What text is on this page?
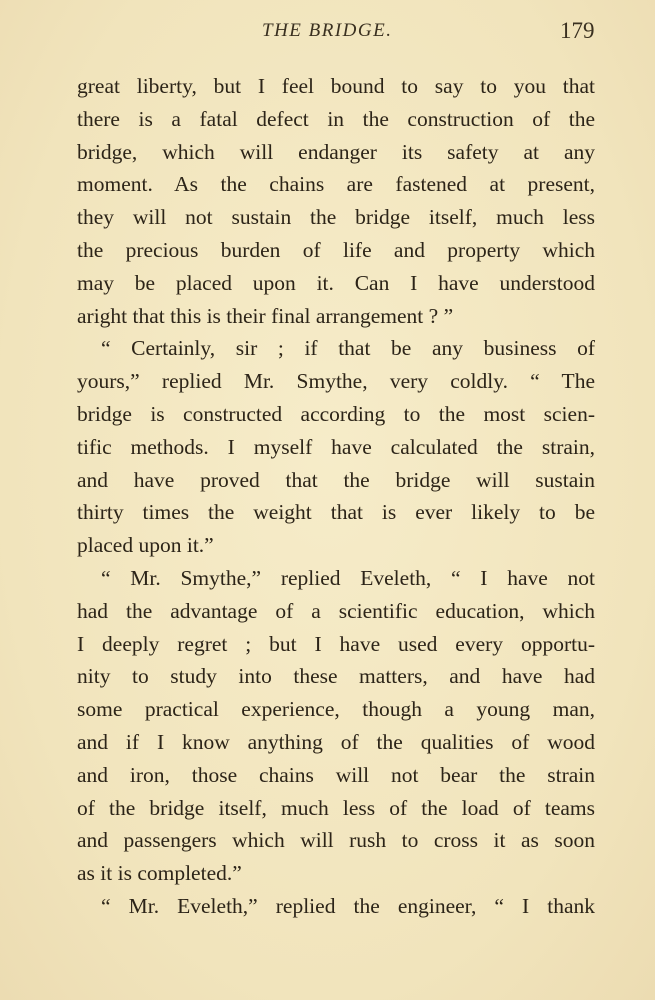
THE BRIDGE.	179
great liberty, but I feel bound to say to you that
there is a fatal defect in the construction of the
bridge, which will endanger its safety at any
moment. As the chains are fastened at present,
they will not sustain the bridge itself, much less
the precious burden of life and property which
may be placed upon it. Can I have understood
aright that this is their final arrangement ? ”
“ Certainly, sir ; if that be any business of
yours,” replied Mr. Smythe, very coldly. “ The
bridge is constructed according to the most scien-
tific methods. I myself have calculated the strain,
and have proved that the bridge will sustain
thirty times the weight that is ever likely to be
placed upon it.”
“ Mr. Smythe,” replied Eveleth, “ I have not
had the advantage of a scientific education, which
I deeply regret ; but I have used every opportu-
nity to study into these matters, and have had
some practical experience, though a young man,
and if I know anything of the qualities of wood
and iron, those chains will not bear the strain
of the bridge itself, much less of the load of teams
and passengers which will rush to cross it as soon
as it is completed.”
“ Mr. Eveleth,” replied the engineer, “ I thank
